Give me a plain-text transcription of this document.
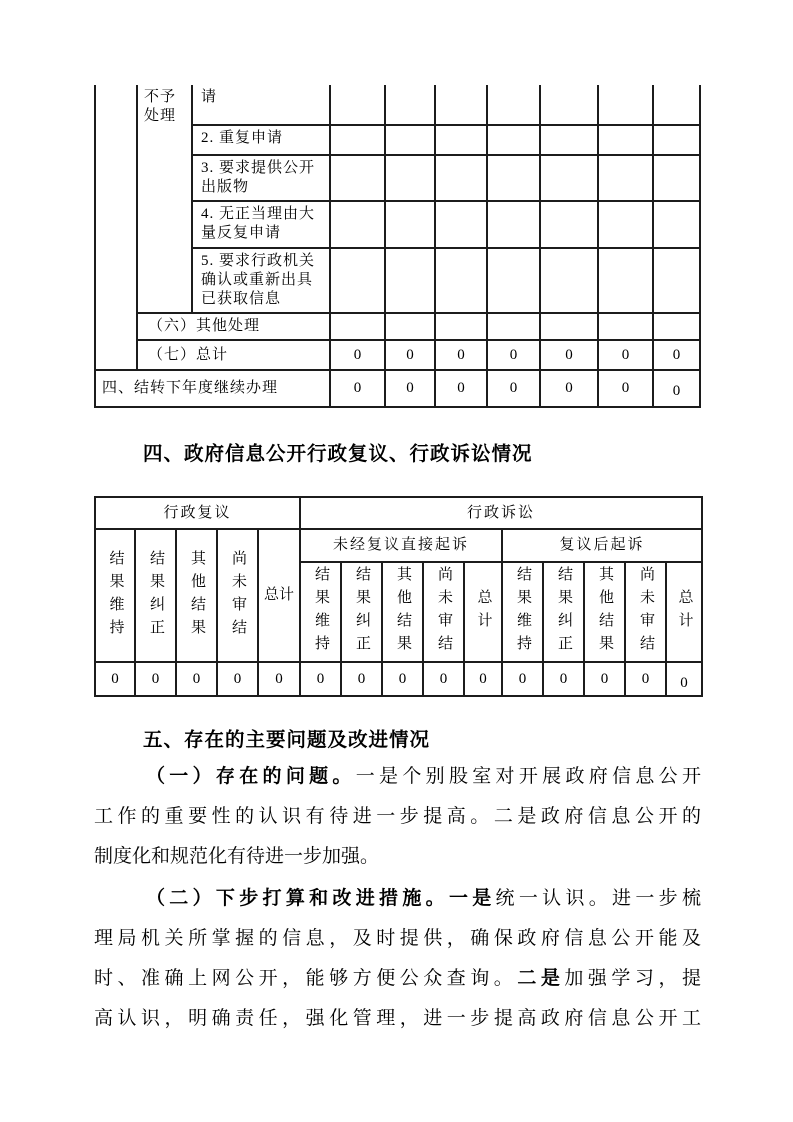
	不予处理	请							
		2. 重复申请							
		3. 要求提供公开出版物							
		4. 无正当理由大量反复申请							
		5. 要求行政机关确认或重新出具已获取信息							
	（六）其他处理								
	（七）总计		0	0	0	0	0	0	0
四、结转下年度继续办理			0	0	0	0	0	0	0
四、政府信息公开行政复议、行政诉讼情况
行政复议					行政诉讼									

结果维持	结果纠正	其他结果	尚未审结	总计	未经复议直接起诉					复议后起诉				

					结果维持	结果纠正	其他结果	尚未审结	总计	结果维持	结果纠正	其他结果	尚未审结	总计

0	0	0	0	0	0	0	0	0	0	0	0	0	0	0
五、存在的主要问题及改进情况
（一）存在的问题。一是个别股室对开展政府信息公开
工作的重要性的认识有待进一步提高。二是政府信息公开的
制度化和规范化有待进一步加强。
（二）下步打算和改进措施。一是统一认识。进一步梳
理局机关所掌握的信息，及时提供，确保政府信息公开能及
时、准确上网公开，能够方便公众查询。二是加强学习，提
高认识，明确责任，强化管理，进一步提高政府信息公开工
